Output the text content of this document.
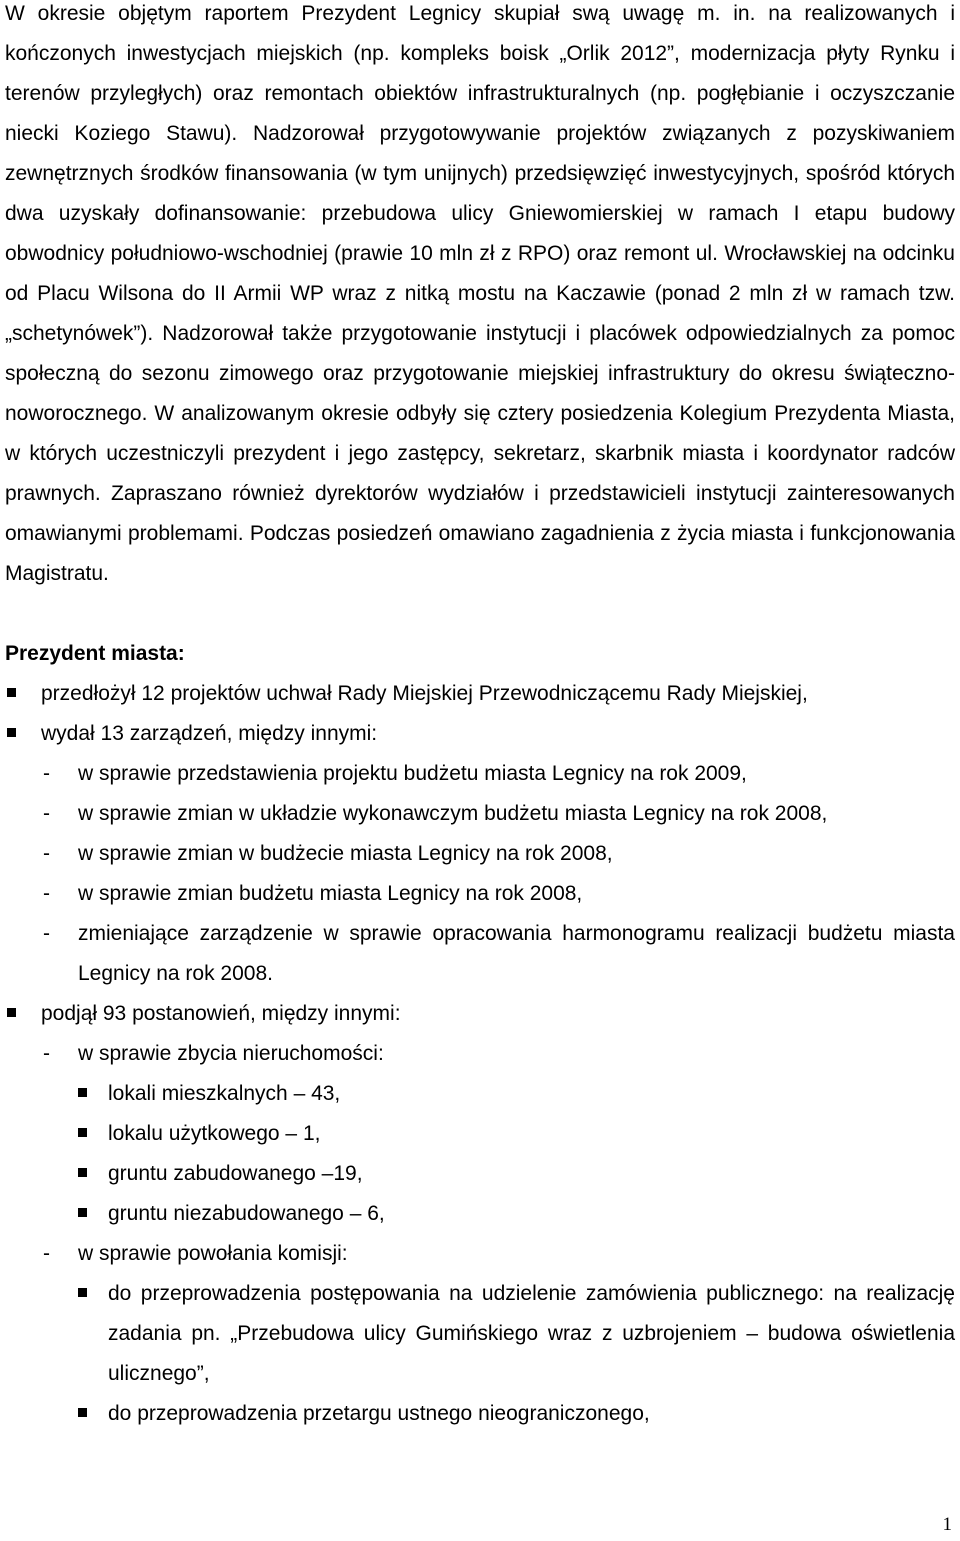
W okresie objętym raportem Prezydent Legnicy skupiał swą uwagę m. in. na realizowanych i kończonych inwestycjach miejskich (np. kompleks boisk „Orlik 2012”, modernizacja płyty Rynku i terenów przyległych) oraz remontach obiektów infrastrukturalnych (np. pogłębianie i oczyszczanie niecki Koziego Stawu). Nadzorował przygotowywanie projektów związanych z pozyskiwaniem zewnętrznych środków finansowania (w tym unijnych) przedsięwzięć inwestycyjnych, spośród których dwa uzyskały dofinansowanie: przebudowa ulicy Gniewomierskiej w ramach I etapu budowy obwodnicy południowo-wschodniej (prawie 10 mln zł z RPO) oraz remont ul. Wrocławskiej na odcinku od Placu Wilsona do II Armii WP wraz z nitką mostu na Kaczawie (ponad 2 mln zł w ramach tzw. „schetynówek”). Nadzorował także przygotowanie instytucji i placówek odpowiedzialnych za pomoc społeczną do sezonu zimowego oraz przygotowanie miejskiej infrastruktury do okresu świąteczno-noworocznego. W analizowanym okresie odbyły się cztery posiedzenia Kolegium Prezydenta Miasta, w których uczestniczyli prezydent i jego zastępcy, sekretarz, skarbnik miasta i koordynator radców prawnych. Zapraszano również dyrektorów wydziałów i przedstawicieli instytucji zainteresowanych omawianymi problemami. Podczas posiedzeń omawiano zagadnienia z życia miasta i funkcjonowania Magistratu.

Prezydent miasta:

przedłożył 12 projektów uchwał Rady Miejskiej Przewodniczącemu Rady Miejskiej,
wydał 13 zarządzeń, między innymi:
- w sprawie przedstawienia projektu budżetu miasta Legnicy na rok 2009,
- w sprawie zmian w układzie wykonawczym budżetu miasta Legnicy na rok 2008,
- w sprawie zmian w budżecie miasta Legnicy na rok 2008,
- w sprawie zmian budżetu miasta Legnicy na rok 2008,
- zmieniające zarządzenie w sprawie opracowania harmonogramu realizacji budżetu miasta Legnicy na rok 2008.
podjął 93 postanowień, między innymi:
- w sprawie zbycia nieruchomości:
lokali mieszkalnych – 43,
lokalu użytkowego – 1,
gruntu zabudowanego –19,
gruntu niezabudowanego – 6,
- w sprawie powołania komisji:
do przeprowadzenia postępowania na udzielenie zamówienia publicznego: na realizację zadania pn. „Przebudowa ulicy Gumińskiego wraz z uzbrojeniem – budowa oświetlenia ulicznego”,
do przeprowadzenia przetargu ustnego nieograniczonego,
1
